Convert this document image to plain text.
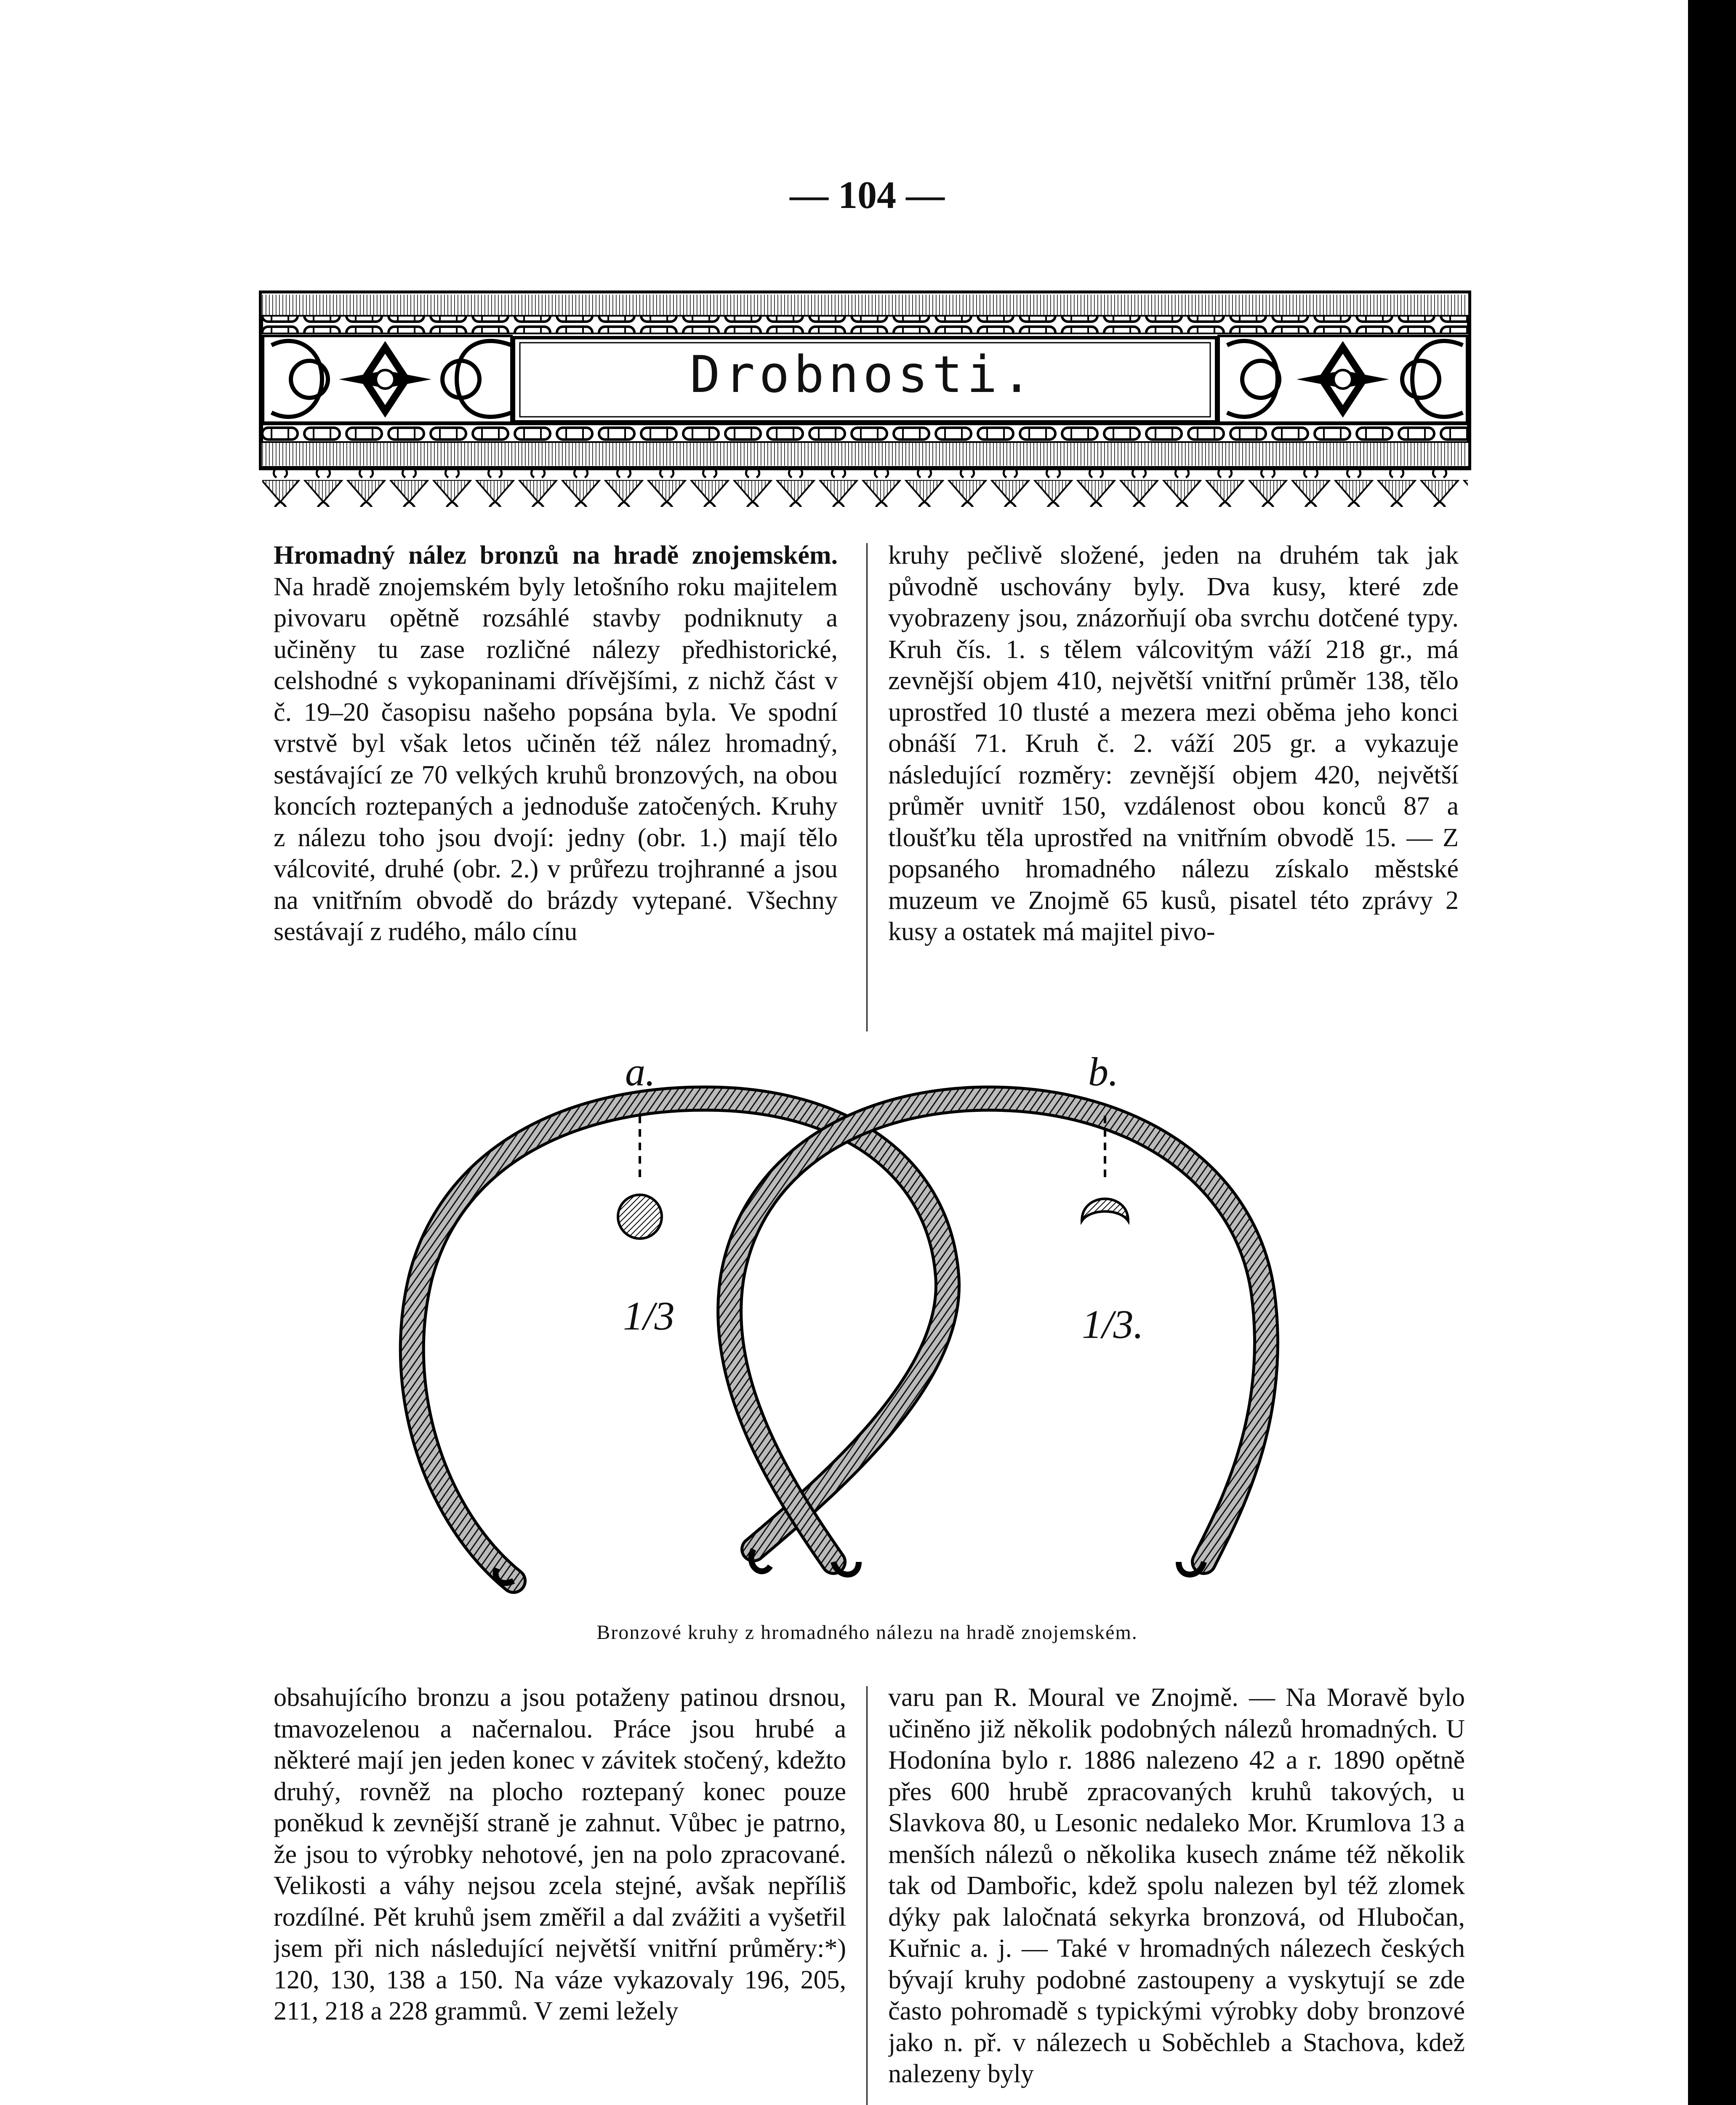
— 104 —
Drobnosti.
Hromadný nález bronzů na hradě znojemském. Na hradě znojemském byly letošního roku majitelem pivovaru opětně rozsáhlé stavby podniknuty a učiněny tu zase rozličné nálezy předhistorické, celshodné s vykopaninami dřívějšími, z nichž část v č. 19–20 časopisu našeho popsána byla. Ve spodní vrstvě byl však letos učiněn též nález hromadný, sestávající ze 70 velkých kruhů bronzových, na obou koncích roztepaných a jednoduše zatočených. Kruhy z nálezu toho jsou dvojí: jedny (obr. 1.) mají tělo válcovité, druhé (obr. 2.) v průřezu trojhranné a jsou na vnitřním obvodě do brázdy vytepané. Všechny sestávají z rudého, málo cínu
kruhy pečlivě složené, jeden na druhém tak jak původně uschovány byly. Dva kusy, které zde vyobrazeny jsou, znázorňují oba svrchu dotčené typy. Kruh čís. 1. s tělem válcovitým váží 218 gr., má zevnější objem 410, největší vnitřní průměr 138, tělo uprostřed 10 tlusté a mezera mezi oběma jeho konci obnáší 71. Kruh č. 2. váží 205 gr. a vykazuje následující rozměry: zevnější objem 420, největší průměr uvnitř 150, vzdálenost obou konců 87 a tloušťku těla uprostřed na vnitřním obvodě 15. — Z popsaného hromadného nálezu získalo městské muzeum ve Znojmě 65 kusů, pisatel této zprávy 2 kusy a ostatek má majitel pivo-
a.	b.
1/3	1/3.
Bronzové kruhy z hromadného nálezu na hradě znojemském.
obsahujícího bronzu a jsou potaženy patinou drsnou, tmavozelenou a načernalou. Práce jsou hrubé a některé mají jen jeden konec v závitek stočený, kdežto druhý, rovněž na plocho roztepaný konec pouze poněkud k zevnější straně je zahnut. Vůbec je patrno, že jsou to výrobky nehotové, jen na polo zpracované. Velikosti a váhy nejsou zcela stejné, avšak nepříliš rozdílné. Pět kruhů jsem změřil a dal zvážiti a vyšetřil jsem při nich následující největší vnitřní průměry:*) 120, 130, 138 a 150. Na váze vykazovaly 196, 205, 211, 218 a 228 grammů. V zemi ležely
varu pan R. Moural ve Znojmě. — Na Moravě bylo učiněno již několik podobných nálezů hromadných. U Hodonína bylo r. 1886 nalezeno 42 a r. 1890 opětně přes 600 hrubě zpracovaných kruhů takových, u Slavkova 80, u Lesonic nedaleko Mor. Krumlova 13 a menších nálezů o několika kusech známe též několik tak od Dambořic, kdež spolu nalezen byl též zlomek dýky pak laločnatá sekyrka bronzová, od Hlubočan, Kuřnic a. j. — Také v hromadných nálezech českých bývají kruhy podobné zastoupeny a vyskytují se zde často pohromadě s typickými výrobky doby bronzové jako n. př. v nálezech u Soběchleb a Stachova, kdež nalezeny byly
